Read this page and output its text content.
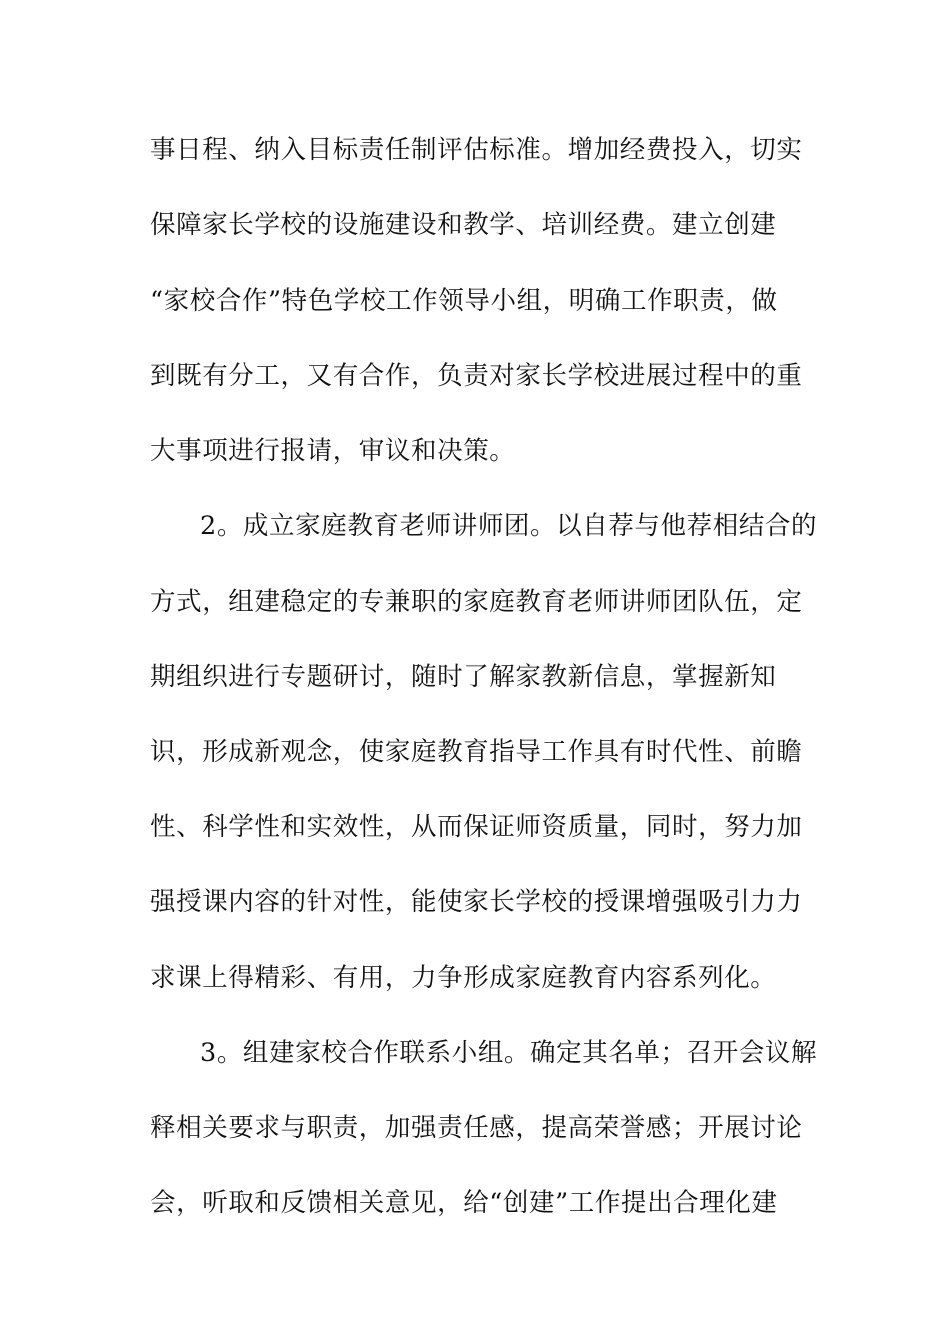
事日程、纳入目标责任制评估标准。增加经费投入，切实
保障家长学校的设施建设和教学、培训经费。建立创建
“家校合作”特色学校工作领导小组，明确工作职责，做
到既有分工，又有合作，负责对家长学校进展过程中的重
大事项进行报请，审议和决策。
2。成立家庭教育老师讲师团。以自荐与他荐相结合的
方式，组建稳定的专兼职的家庭教育老师讲师团队伍，定
期组织进行专题研讨，随时了解家教新信息，掌握新知
识，形成新观念，使家庭教育指导工作具有时代性、前瞻
性、科学性和实效性，从而保证师资质量，同时，努力加
强授课内容的针对性，能使家长学校的授课增强吸引力力
求课上得精彩、有用，力争形成家庭教育内容系列化。
3。组建家校合作联系小组。确定其名单；召开会议解
释相关要求与职责，加强责任感，提高荣誉感；开展讨论
会，听取和反馈相关意见，给“创建”工作提出合理化建
